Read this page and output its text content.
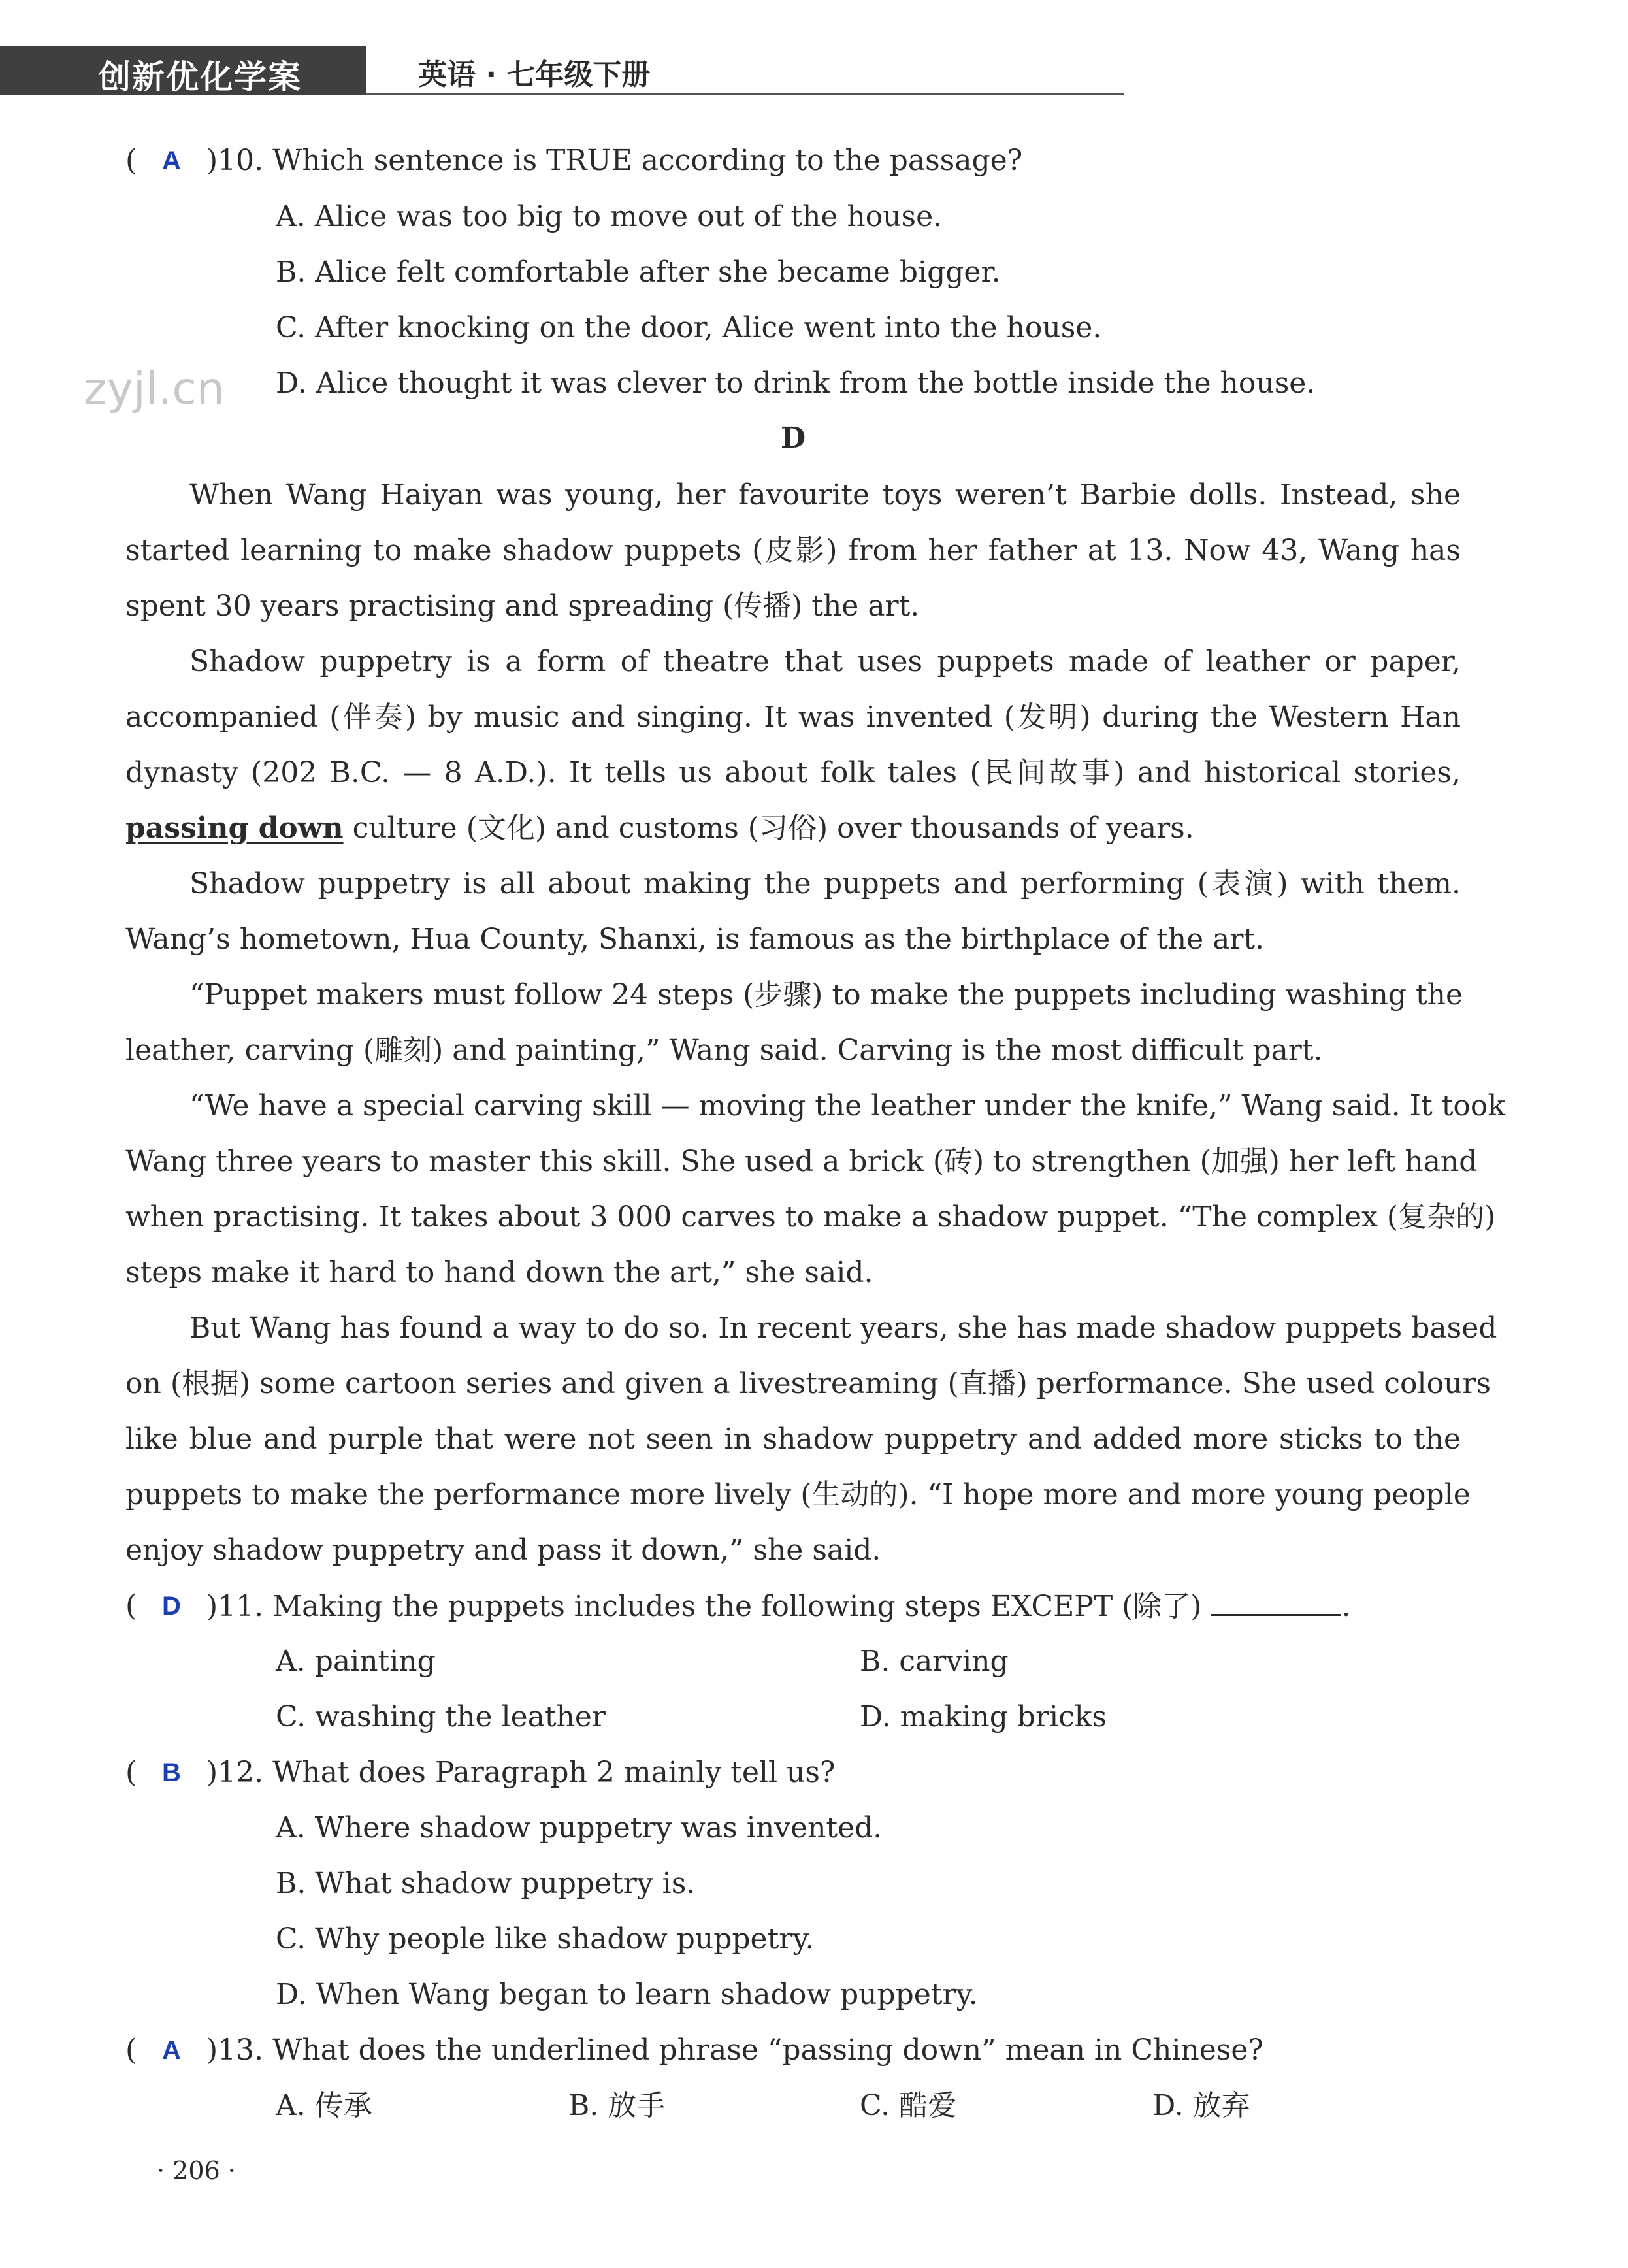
创新优化学案	英语 · 七年级下册
zyjl.cn
( A )10. Which sentence is TRUE according to the passage?
A. Alice was too big to move out of the house.
B. Alice felt comfortable after she became bigger.
C. After knocking on the door, Alice went into the house.
D. Alice thought it was clever to drink from the bottle inside the house.
D
When Wang Haiyan was young, her favourite toys weren’t Barbie dolls. Instead, she
started learning to make shadow puppets (皮影) from her father at 13. Now 43, Wang has
spent 30 years practising and spreading (传播) the art.
Shadow puppetry is a form of theatre that uses puppets made of leather or paper,
accompanied (伴奏) by music and singing. It was invented (发明) during the Western Han
dynasty (202 B.C. — 8 A.D.). It tells us about folk tales (民间故事) and historical stories,
passing down culture (文化) and customs (习俗) over thousands of years.
Shadow puppetry is all about making the puppets and performing (表演) with them.
Wang’s hometown, Hua County, Shanxi, is famous as the birthplace of the art.
“Puppet makers must follow 24 steps (步骤) to make the puppets including washing the
leather, carving (雕刻) and painting,” Wang said. Carving is the most difficult part.
“We have a special carving skill — moving the leather under the knife,” Wang said. It took
Wang three years to master this skill. She used a brick (砖) to strengthen (加强) her left hand
when practising. It takes about 3 000 carves to make a shadow puppet. “The complex (复杂的)
steps make it hard to hand down the art,” she said.
But Wang has found a way to do so. In recent years, she has made shadow puppets based
on (根据) some cartoon series and given a livestreaming (直播) performance. She used colours
like blue and purple that were not seen in shadow puppetry and added more sticks to the
puppets to make the performance more lively (生动的). “I hope more and more young people
enjoy shadow puppetry and pass it down,” she said.
( D )11. Making the puppets includes the following steps EXCEPT (除了)	.
A. painting	B. carving
C. washing the leather	D. making bricks
( B )12. What does Paragraph 2 mainly tell us?
A. Where shadow puppetry was invented.
B. What shadow puppetry is.
C. Why people like shadow puppetry.
D. When Wang began to learn shadow puppetry.
( A )13. What does the underlined phrase “passing down” mean in Chinese?
A. 传承	B. 放手	C. 酷爱	D. 放弃
· 206 ·
